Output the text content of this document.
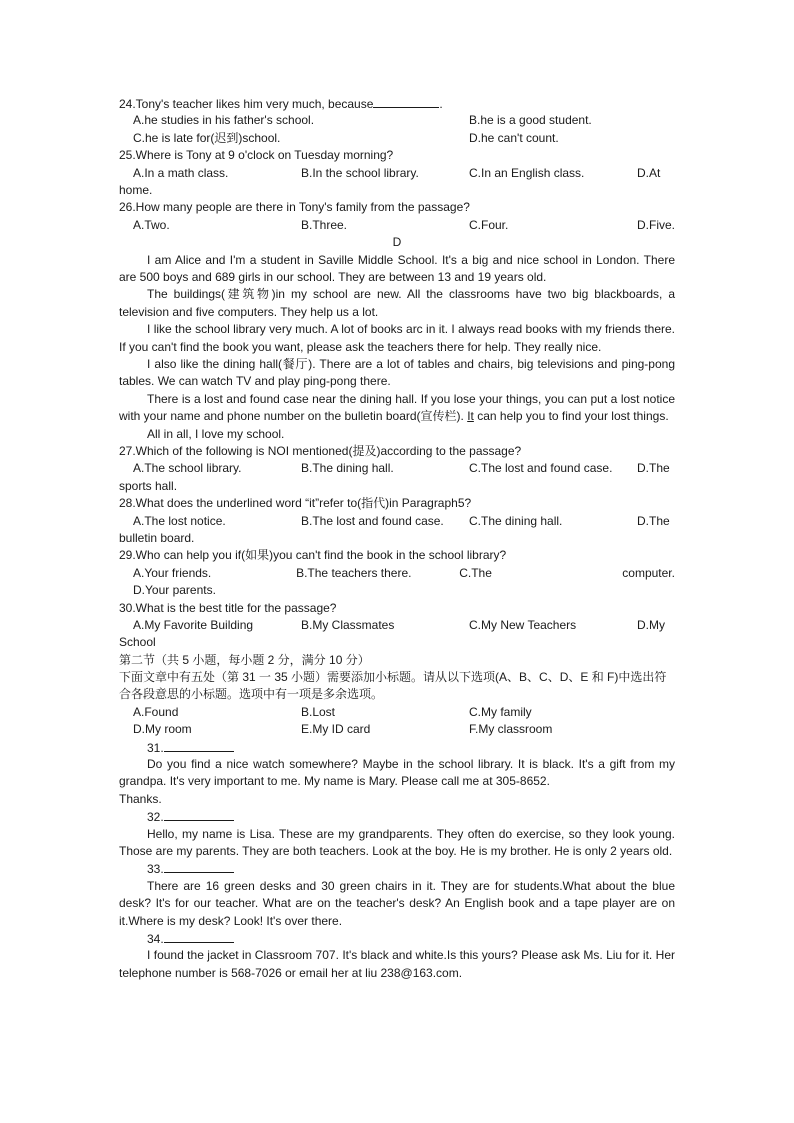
24.Tony's teacher likes him very much, because	.
A.he studies in his father's school.	B.he is a good student.
C.he is late for(迟到)school.	D.he can't count.
25.Where is Tony at 9 o'clock on Tuesday morning?
A.In a math class.	B.In the school library.	C.In an English class.	D.At
home.
26.How many people are there in Tony's family from the passage?
A.Two.	B.Three.	C.Four.	D.Five.
D
I am Alice and I'm a student in Saville Middle School. It's a big and nice school in London. There are 500 boys and 689 girls in our school. They are between 13 and 19 years old.
The buildings(建筑物)in my school are new. All the classrooms have two big blackboards, a television and five computers. They help us a lot.
I like the school library very much. A lot of books arc in it. I always read books with my friends there. If you can't find the book you want, please ask the teachers there for help. They really nice.
I also like the dining hall(餐厅). There are a lot of tables and chairs, big televisions and ping-pong tables. We can watch TV and play ping-pong there.
There is a lost and found case near the dining hall. If you lose your things, you can put a lost notice with your name and phone number on the bulletin board(宣传栏). It can help you to find your lost things.
All in all, I love my school.
27.Which of the following is NOI mentioned(提及)according to the passage?
A.The school library.	B.The dining hall.	C.The lost and found case.	D.The
sports hall.
28.What does the underlined word “it”refer to(指代)in Paragraph5?
A.The lost notice.	B.The lost and found case.	C.The dining hall.	D.The
bulletin board.
29.Who can help you if(如果)you can't find the book in the school library?
A.Your friends.	B.The teachers there.	C.The	computer.
D.Your parents.
30.What is the best title for the passage?
A.My Favorite Building	B.My Classmates	C.My New Teachers	D.My
School
第二节（共 5 小题，每小题 2 分，满分 10 分）
下面文章中有五处（第 31 一 35 小题）需要添加小标题。请从以下选项(A、B、C、D、E 和 F)中选出符合各段意思的小标题。选项中有一项是多余选项。
A.Found	B.Lost	C.My family
D.My room	E.My ID card	F.My classroom
31.
Do you find a nice watch somewhere? Maybe in the school library. It is black. It's a gift from my grandpa. It's very important to me. My name is Mary. Please call me at 305-8652.
Thanks.
32.
Hello, my name is Lisa. These are my grandparents. They often do exercise, so they look young. Those are my parents. They are both teachers. Look at the boy. He is my brother. He is only 2 years old.
33.
There are 16 green desks and 30 green chairs in it. They are for students.What about the blue desk? It's for our teacher. What are on the teacher's desk? An English book and a tape player are on it.Where is my desk? Look! It's over there.
34.
I found the jacket in Classroom 707. It's black and white.Is this yours? Please ask Ms. Liu for it. Her telephone number is 568-7026 or email her at liu 238@163.com.
